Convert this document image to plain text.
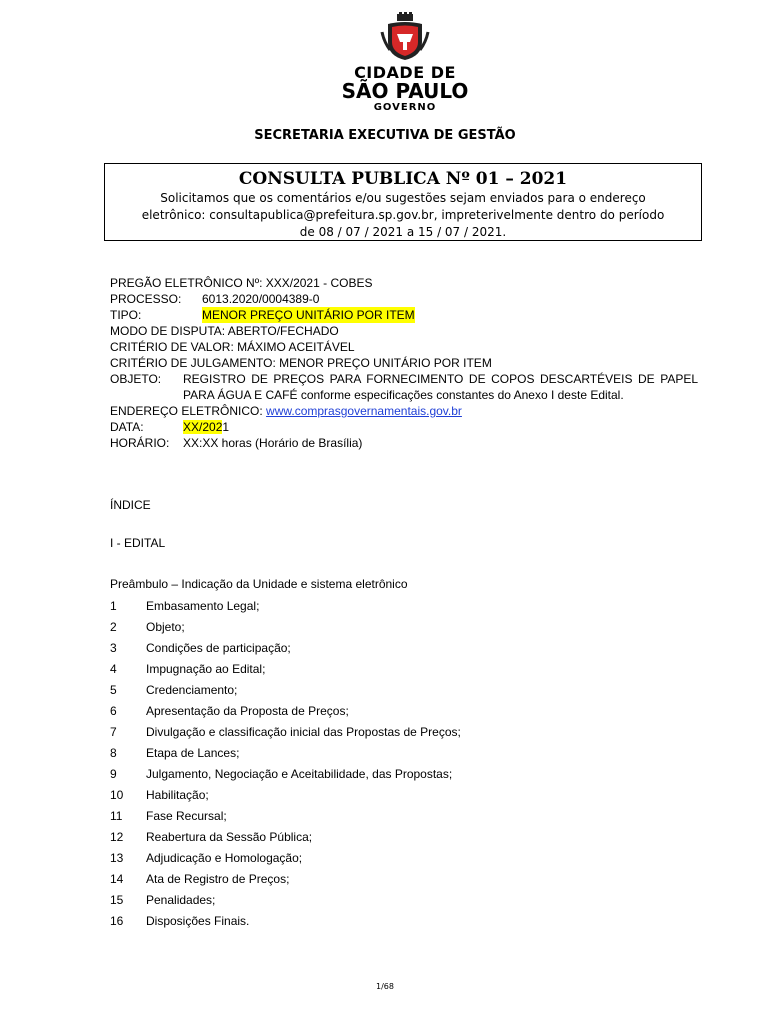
CIDADE DE
SÃO PAULO
GOVERNO
SECRETARIA EXECUTIVA DE GESTÃO
CONSULTA PUBLICA Nº 01 – 2021
Solicitamos que os comentários e/ou sugestões sejam enviados para o endereço
eletrônico: consultapublica@prefeitura.sp.gov.br, impreterivelmente dentro do período
de 08 / 07 / 2021 a 15 / 07 / 2021.
PREGÃO ELETRÔNICO Nº: XXX/2021 - COBES
PROCESSO:	6013.2020/0004389-0
TIPO:	MENOR PREÇO UNITÁRIO POR ITEM
MODO DE DISPUTA: ABERTO/FECHADO
CRITÉRIO DE VALOR: MÁXIMO ACEITÁVEL
CRITÉRIO DE JULGAMENTO: MENOR PREÇO UNITÁRIO POR ITEM
OBJETO:	REGISTRO DE PREÇOS PARA FORNECIMENTO DE COPOS DESCARTÉVEIS DE PAPEL PARA ÁGUA E CAFÉ conforme especificações constantes do Anexo I deste Edital.
ENDEREÇO ELETRÔNICO: www.comprasgovernamentais.gov.br
DATA:	XX/2021
HORÁRIO:	XX:XX horas (Horário de Brasília)
ÍNDICE
I - EDITAL
Preâmbulo – Indicação da Unidade e sistema eletrônico
1	Embasamento Legal;
2	Objeto;
3	Condições de participação;
4	Impugnação ao Edital;
5	Credenciamento;
6	Apresentação da Proposta de Preços;
7	Divulgação e classificação inicial das Propostas de Preços;
8	Etapa de Lances;
9	Julgamento, Negociação e Aceitabilidade, das Propostas;
10	Habilitação;
11	Fase Recursal;
12	Reabertura da Sessão Pública;
13	Adjudicação e Homologação;
14	Ata de Registro de Preços;
15	Penalidades;
16	Disposições Finais.
1/68
